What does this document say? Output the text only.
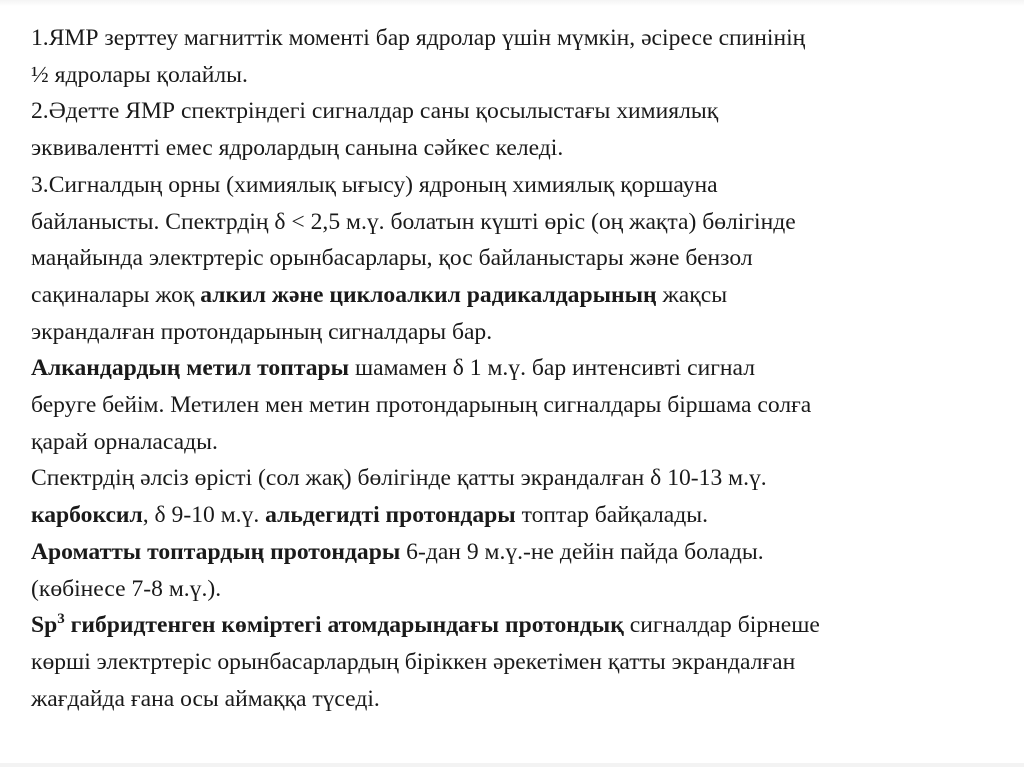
1.ЯМР зерттеу магниттік моменті бар ядролар үшін мүмкін, әсіресе спинінің
½ ядролары қолайлы.
2.Әдетте ЯМР спектріндегі сигналдар саны қосылыстағы химиялық
эквивалентті емес ядролардың санына сәйкес келеді.
3.Сигналдың орны (химиялық ығысу) ядроның химиялық қоршауна
байланысты. Спектрдің δ < 2,5 м.ү. болатын күшті өріс (оң жақта) бөлігінде
маңайында электртеріс орынбасарлары, қос байланыстары және бензол
сақиналары жоқ алкил және циклоалкил радикалдарының жақсы
экрандалған протондарының сигналдары бар.
Алкандардың метил топтары шамамен δ 1 м.ү. бар интенсивті сигнал
беруге бейім. Метилен мен метин протондарының сигналдары біршама солға
қарай орналасады.
Спектрдің әлсіз өрісті (сол жақ) бөлігінде қатты экрандалған δ 10-13 м.ү.
карбоксил, δ 9-10 м.ү. альдегидті протондары топтар байқалады.
Ароматты топтардың протондары 6-дан 9 м.ү.-не дейін пайда болады.
(көбінесе 7-8 м.ү.).
Sp$^3$ гибридтенген көміртегі атомдарындағы протондық сигналдар бірнеше
көрші электртеріс орынбасарлардың біріккен әрекетімен қатты экрандалған
жағдайда ғана осы аймаққа түседі.
